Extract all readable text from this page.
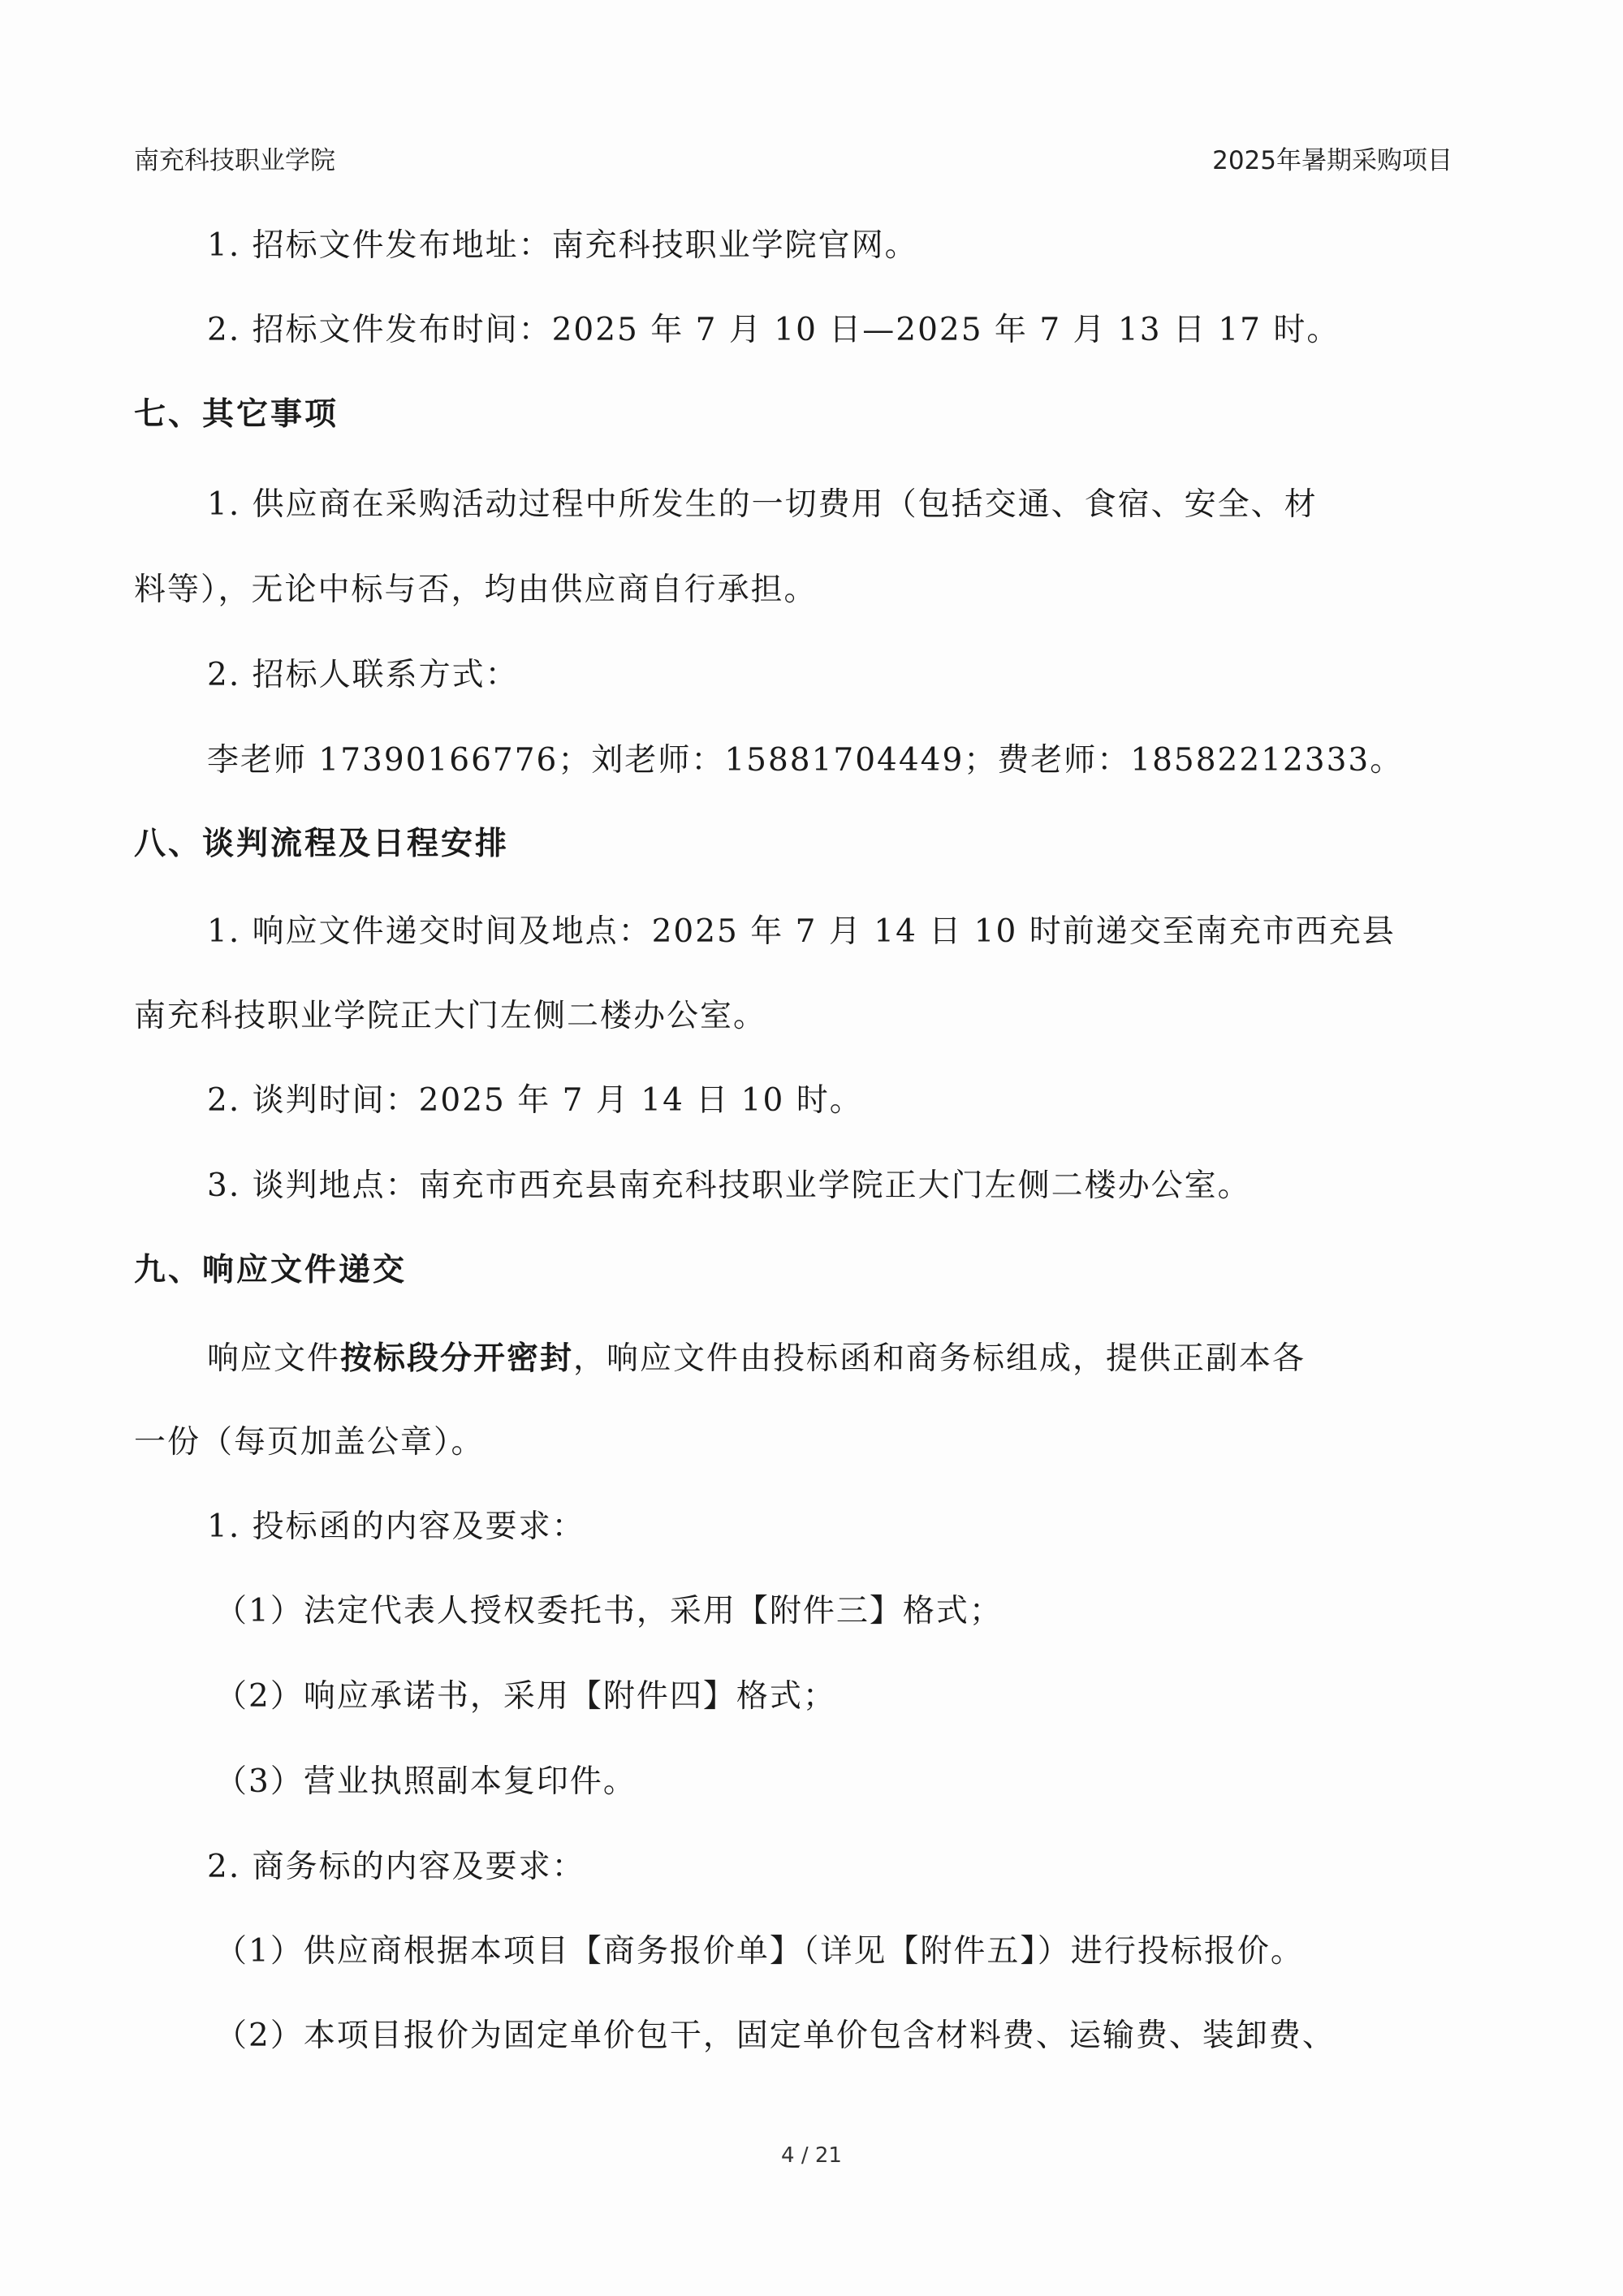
南充科技职业学院	2025年暑期采购项目
1. 招标文件发布地址：南充科技职业学院官网。
2. 招标文件发布时间：2025 年 7 月 10 日—2025 年 7 月 13 日 17 时。
七、其它事项
1. 供应商在采购活动过程中所发生的一切费用（包括交通、食宿、安全、材
料等），无论中标与否，均由供应商自行承担。
2. 招标人联系方式：
李老师 17390166776；刘老师：15881704449；费老师：18582212333。
八、谈判流程及日程安排
1. 响应文件递交时间及地点：2025 年 7 月 14 日 10 时前递交至南充市西充县
南充科技职业学院正大门左侧二楼办公室。
2. 谈判时间：2025 年 7 月 14 日 10 时。
3. 谈判地点：南充市西充县南充科技职业学院正大门左侧二楼办公室。
九、响应文件递交
响应文件按标段分开密封，响应文件由投标函和商务标组成，提供正副本各
一份（每页加盖公章）。
1. 投标函的内容及要求：
（1）法定代表人授权委托书，采用【附件三】格式；
（2）响应承诺书，采用【附件四】格式；
（3）营业执照副本复印件。
2. 商务标的内容及要求：
（1）供应商根据本项目【商务报价单】（详见【附件五】）进行投标报价。
（2）本项目报价为固定单价包干，固定单价包含材料费、运输费、装卸费、
4 / 21
